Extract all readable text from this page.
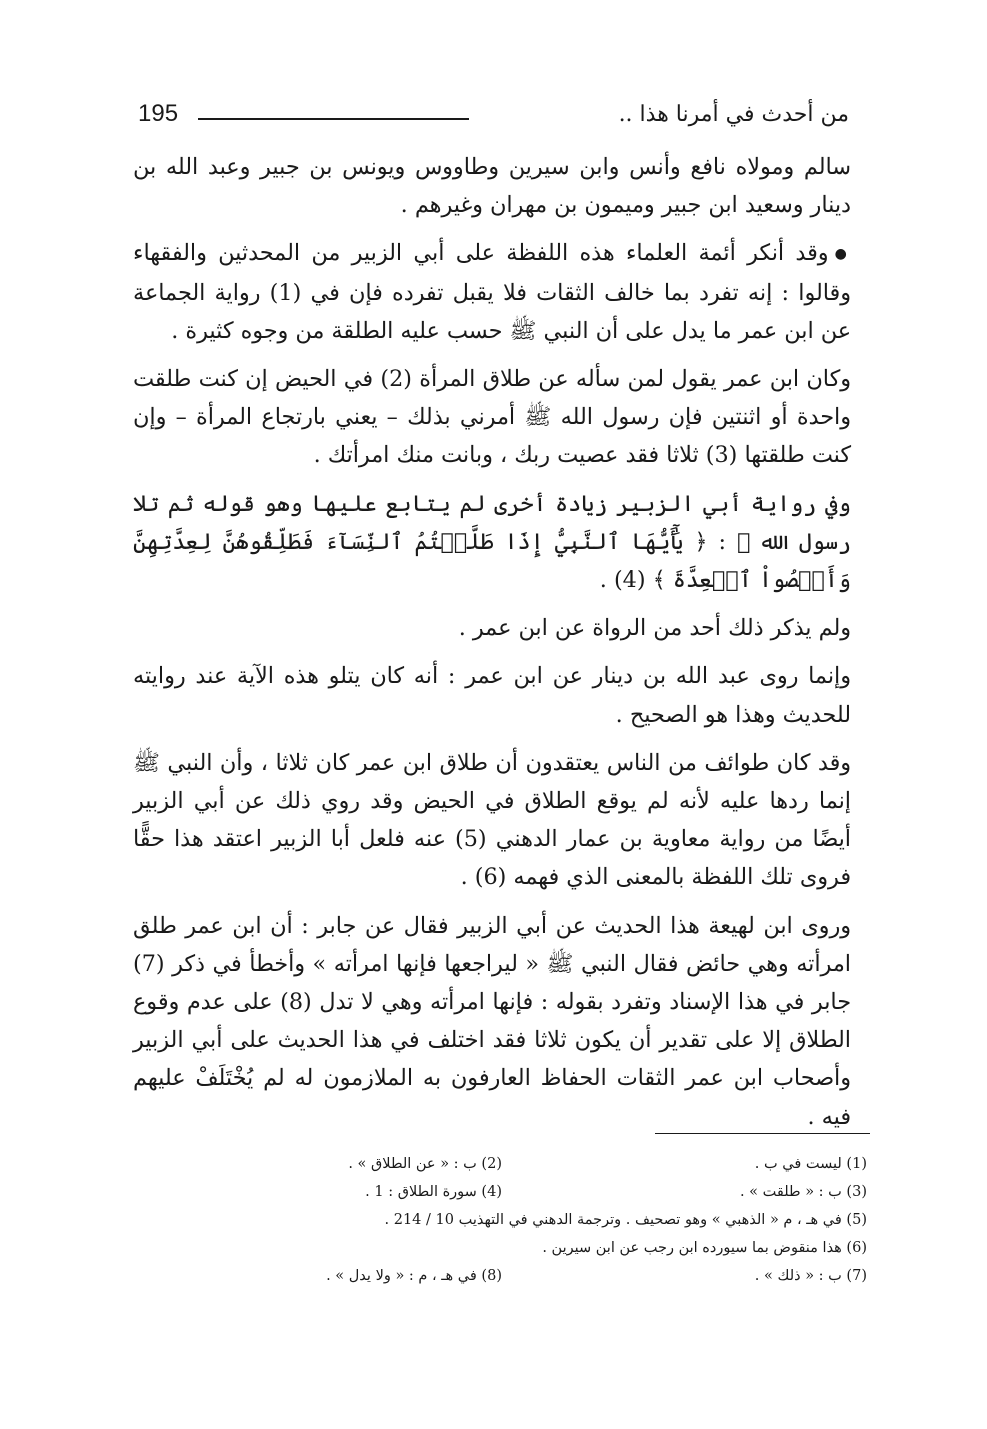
من أحدث في أمرنا هذا ..
195

سالم ومولاه نافع وأنس وابن سيرين وطاووس ويونس بن جبير وعبد الله بن دينار وسعيد ابن جبير وميمون بن مهران وغيرهم .

●وقد أنكر أئمة العلماء هذه اللفظة على أبي الزبير من المحدثين والفقهاء وقالوا : إنه تفرد بما خالف الثقات فلا يقبل تفرده فإن في (1) رواية الجماعة عن ابن عمر ما يدل على أن النبي ﷺ حسب عليه الطلقة من وجوه كثيرة .

وكان ابن عمر يقول لمن سأله عن طلاق المرأة (2) في الحيض إن كنت طلقت واحدة أو اثنتين فإن رسول الله ﷺ أمرني بذلك – يعني بارتجاع المرأة – وإن كنت طلقتها (3) ثلاثا فقد عصيت ربك ، وبانت منك امرأتك .

وفي رواية أبي الزبير زيادة أخرى لم يتابع عليها وهو قوله ثم تلا رسول الله ﷺ : ﴿ يَٰٓأَيُّهَا ٱلنَّبِيُّ إِذَا طَلَّقۡتُمُ ٱلنِّسَآءَ فَطَلِّقُوهُنَّ لِعِدَّتِهِنَّ وَأَحۡصُواْ ٱلۡعِدَّةَ ﴾ (4) .

ولم يذكر ذلك أحد من الرواة عن ابن عمر .

وإنما روى عبد الله بن دينار عن ابن عمر : أنه كان يتلو هذه الآية عند روايته للحديث وهذا هو الصحيح .

وقد كان طوائف من الناس يعتقدون أن طلاق ابن عمر كان ثلاثا ، وأن النبي ﷺ إنما ردها عليه لأنه لم يوقع الطلاق في الحيض وقد روي ذلك عن أبي الزبير أيضًا من رواية معاوية بن عمار الدهني (5) عنه فلعل أبا الزبير اعتقد هذا حقًّا فروى تلك اللفظة بالمعنى الذي فهمه (6) .

وروى ابن لهيعة هذا الحديث عن أبي الزبير فقال عن جابر : أن ابن عمر طلق امرأته وهي حائض فقال النبي ﷺ « ليراجعها فإنها امرأته » وأخطأ في ذكر (7) جابر في هذا الإسناد وتفرد بقوله : فإنها امرأته وهي لا تدل (8) على عدم وقوع الطلاق إلا على تقدير أن يكون ثلاثا فقد اختلف في هذا الحديث على أبي الزبير وأصحاب ابن عمر الثقات الحفاظ العارفون به الملازمون له لم يُخْتَلَفْ عليهم فيه .

(1) ليست في ب .
(2) ب : « عن الطلاق » .
(3) ب : « طلقت » .
(4) سورة الطلاق : 1 .
(5) في هـ ، م « الذهبي » وهو تصحيف . وترجمة الدهني في التهذيب 10 / 214 .
(6) هذا منقوض بما سيورده ابن رجب عن ابن سيرين .
(7) ب : « ذلك » .
(8) في هـ ، م : « ولا يدل » .
